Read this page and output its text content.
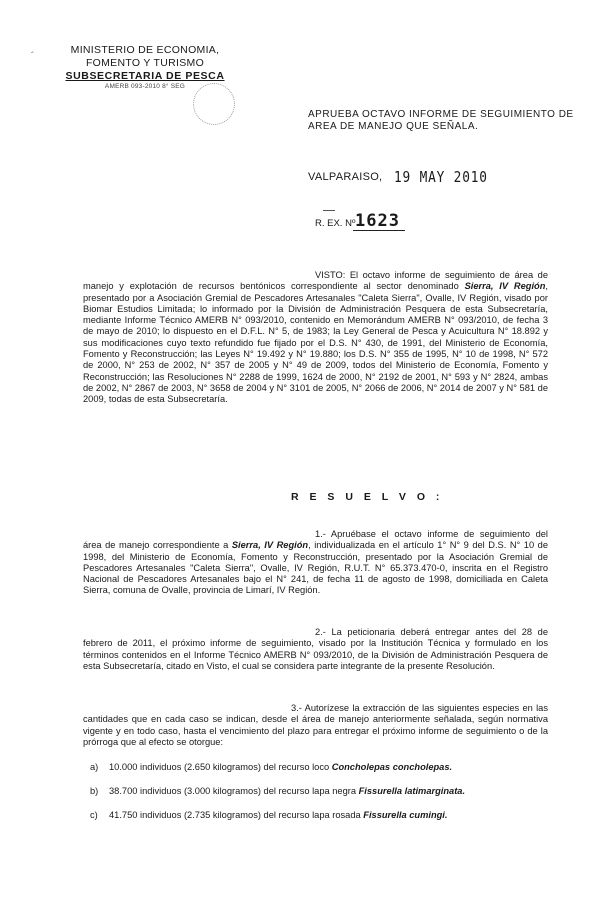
‸	MINISTERIO DE ECONOMIA,
FOMENTO Y TURISMO
SUBSECRETARIA DE PESCA
AMERB 093-2010 8° SEG
APRUEBA OCTAVO INFORME DE SEGUIMIENTO DE AREA DE MANEJO QUE SEÑALA.
VALPARAISO, 19 MAY 2010
R. EX. Nº 1623
VISTO: El octavo informe de seguimiento de área de manejo y explotación de recursos bentónicos correspondiente al sector denominado Sierra, IV Región, presentado por a Asociación Gremial de Pescadores Artesanales "Caleta Sierra", Ovalle, IV Región, visado por Biomar Estudios Limitada; lo informado por la División de Administración Pesquera de esta Subsecretaría, mediante Informe Técnico AMERB N° 093/2010, contenido en Memorándum AMERB N° 093/2010, de fecha 3 de mayo de 2010; lo dispuesto en el D.F.L. N° 5, de 1983; la Ley General de Pesca y Acuicultura N° 18.892 y sus modificaciones cuyo texto refundido fue fijado por el D.S. N° 430, de 1991, del Ministerio de Economía, Fomento y Reconstrucción; las Leyes N° 19.492 y N° 19.880; los D.S. N° 355 de 1995, N° 10 de 1998, N° 572 de 2000, N° 253 de 2002, N° 357 de 2005 y N° 49 de 2009, todos del Ministerio de Economía, Fomento y Reconstrucción; las Resoluciones N° 2288 de 1999, 1624 de 2000, N° 2192 de 2001, N° 593 y N° 2824, ambas de 2002, N° 2867 de 2003, N° 3658 de 2004 y N° 3101 de 2005, N° 2066 de 2006, N° 2014 de 2007 y N° 581 de 2009, todas de esta Subsecretaría.
R E S U E L V O :
1.- Apruébase el octavo informe de seguimiento del área de manejo correspondiente a Sierra, IV Región, individualizada en el artículo 1° N° 9 del D.S. N° 10 de 1998, del Ministerio de Economía, Fomento y Reconstrucción, presentado por la Asociación Gremial de Pescadores Artesanales "Caleta Sierra", Ovalle, IV Región, R.U.T. N° 65.373.470-0, inscrita en el Registro Nacional de Pescadores Artesanales bajo el N° 241, de fecha 11 de agosto de 1998, domiciliada en Caleta Sierra, comuna de Ovalle, provincia de Limarí, IV Región.
2.- La peticionaria deberá entregar antes del 28 de febrero de 2011, el próximo informe de seguimiento, visado por la Institución Técnica y formulado en los términos contenidos en el Informe Técnico AMERB N° 093/2010, de la División de Administración Pesquera de esta Subsecretaría, citado en Visto, el cual se considera parte integrante de la presente Resolución.
3.- Autorízese la extracción de las siguientes especies en las cantidades que en cada caso se indican, desde el área de manejo anteriormente señalada, según normativa vigente y en todo caso, hasta el vencimiento del plazo para entregar el próximo informe de seguimiento o de la prórroga que al efecto se otorgue:
a) 10.000 individuos (2.650 kilogramos) del recurso loco Concholepas concholepas.
b) 38.700 individuos (3.000 kilogramos) del recurso lapa negra Fissurella latimarginata.
c) 41.750 individuos (2.735 kilogramos) del recurso lapa rosada Fissurella cumingi.
